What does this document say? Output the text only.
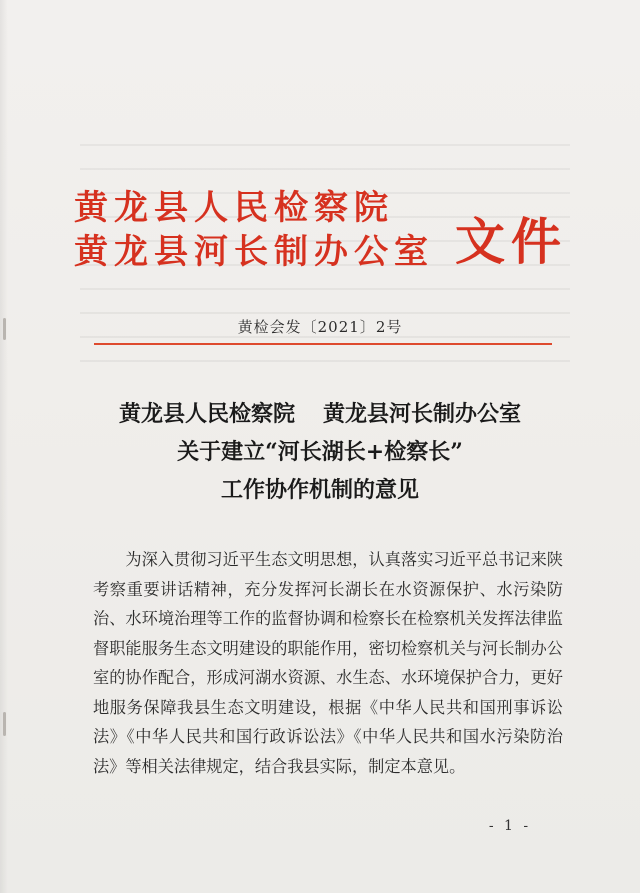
黄龙县人民检察院
黄龙县河长制办公室 文件
黄检会发〔2021〕2号
黄龙县人民检察院 黄龙县河长制办公室
关于建立“河长湖长+检察长”
工作协作机制的意见

为深入贯彻习近平生态文明思想，认真落实习近平总书记来陕考察重要讲话精神，充分发挥河长湖长在水资源保护、水污染防治、水环境治理等工作的监督协调和检察长在检察机关发挥法律监督职能服务生态文明建设的职能作用，密切检察机关与河长制办公室的协作配合，形成河湖水资源、水生态、水环境保护合力，更好地服务保障我县生态文明建设，根据《中华人民共和国刑事诉讼法》《中华人民共和国行政诉讼法》《中华人民共和国水污染防治法》等相关法律规定，结合我县实际，制定本意见。

- 1 -
